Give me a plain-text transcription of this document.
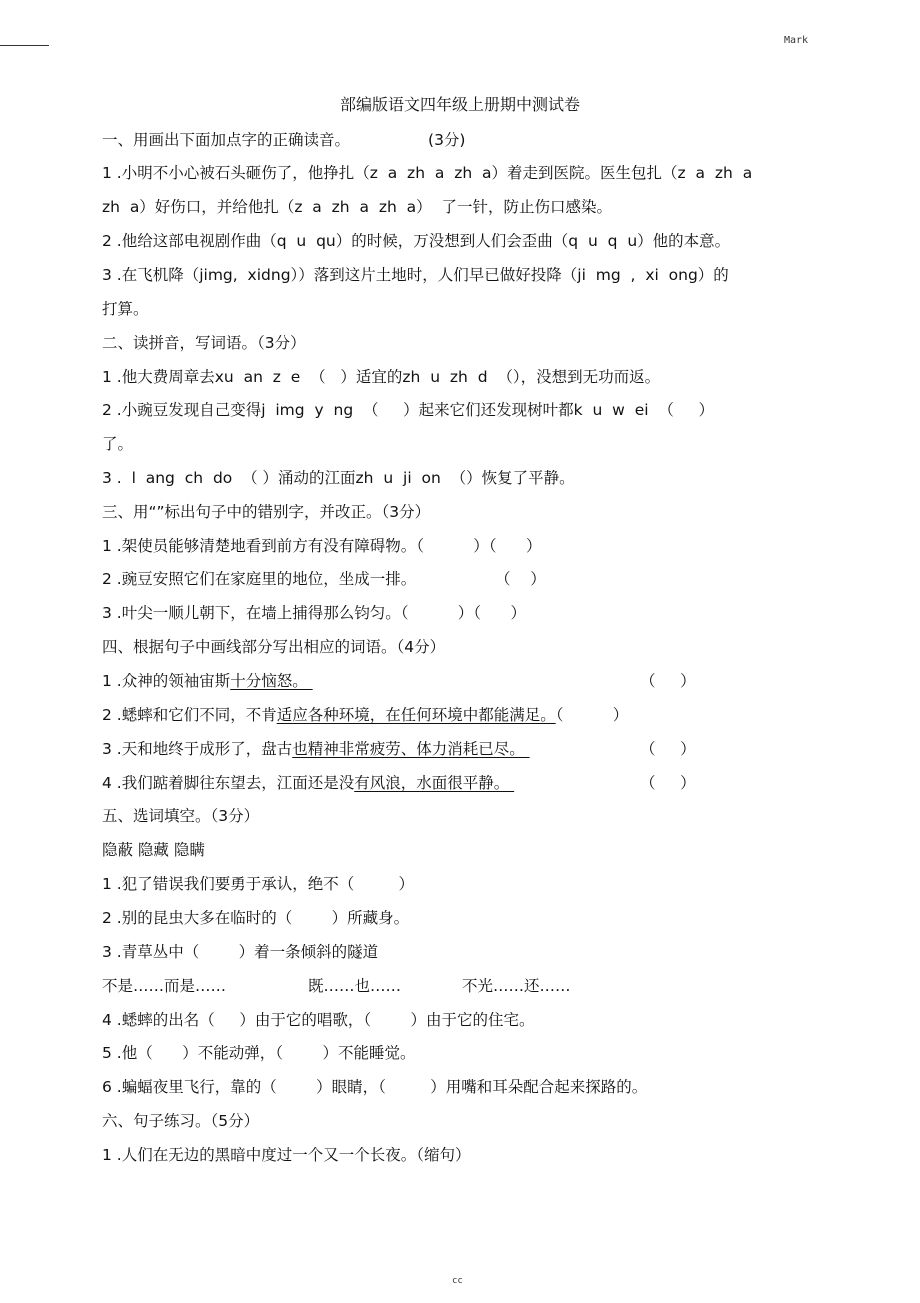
Mark
部编版语文四年级上册期中测试卷
一、用画出下面加点字的正确读音。	(3分)
1 .小明不小心被石头砸伤了，他挣扎（z  a  zh  a  zh  a）着走到医院。医生包扎（z  a  zh  a
zh  a）好伤口，并给他扎（z  a  zh  a  zh  a）  了一针，防止伤口感染。
2 .他给这部电视剧作曲（q  u  qu）的时候，万没想到人们会歪曲（q  u  q  u）他的本意。
3 .在飞机降（jimg,  xidng））落到这片土地时，人们早已做好投降（ji  mg  ,  xi  ong）的
打算。
二、读拼音，写词语。（3分）
1 .他大费周章去xu  an  z  e  （   ）适宜的zh  u  zh  d  （），没想到无功而返。
2 .小豌豆发现自己变得j  img  y  ng  （     ）起来它们还发现树叶都k  u  w  ei  （     ）
了。
3 .  l  ang  ch  do  （ ）涌动的江面zh  u  ji  on  （）恢复了平静。
三、用“”标出句子中的错别字，并改正。（3分）
1 .架使员能够清楚地看到前方有没有障碍物。（          ）（      ）
2 .豌豆安照它们在家庭里的地位，坐成一排。                （    ）
3 .叶尖一顺儿朝下，在墙上捕得那么钧匀。（          ）（      ）
四、根据句子中画线部分写出相应的词语。（4分）
1 .众神的领袖宙斯十分恼怒。	（     ）
2 .蟋蟀和它们不同，不肯适应各种环境，在任何环境中都能满足。（          ）
3 .天和地终于成形了，盘古也精神非常疲劳、体力消耗已尽。	（     ）
4 .我们踮着脚往东望去，江面还是没有风浪，水面很平静。	（     ）
五、选词填空。（3分）
隐蔽 隐藏 隐瞒
1 .犯了错误我们要勇于承认，绝不（         ）
2 .别的昆虫大多在临时的（        ）所藏身。
3 .青草丛中（        ）着一条倾斜的隧道
不是……而是……	既……也……	不光……还……
4 .蟋蟀的出名（     ）由于它的唱歌，（        ）由于它的住宅。
5 .他（      ）不能动弹，（        ）不能睡觉。
6 .蝙蝠夜里飞行，靠的（        ）眼睛，（         ）用嘴和耳朵配合起来探路的。
六、句子练习。（5分）
1 .人们在无边的黑暗中度过一个又一个长夜。（缩句）
cc
